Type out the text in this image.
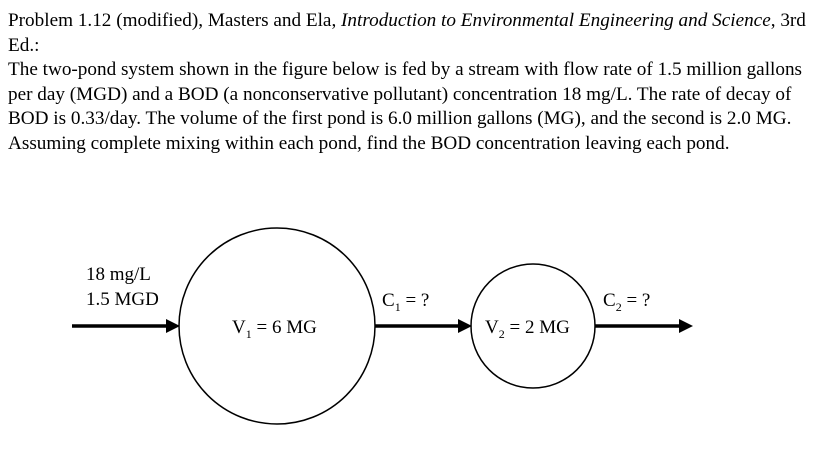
Problem 1.12 (modified), Masters and Ela, Introduction to Environmental Engineering and Science, 3rd Ed.:

The two-pond system shown in the figure below is fed by a stream with flow rate of 1.5 million gallons per day (MGD) and a BOD (a nonconservative pollutant) concentration 18 mg/L. The rate of decay of BOD is 0.33/day. The volume of the first pond is 6.0 million gallons (MG), and the second is 2.0 MG. Assuming complete mixing within each pond, find the BOD concentration leaving each pond.

18 mg/L
1.5 MGD
$V_1 = 6$ MG
$C_1$ = ?
$V_2 = 2$ MG
$C_2$ = ?
